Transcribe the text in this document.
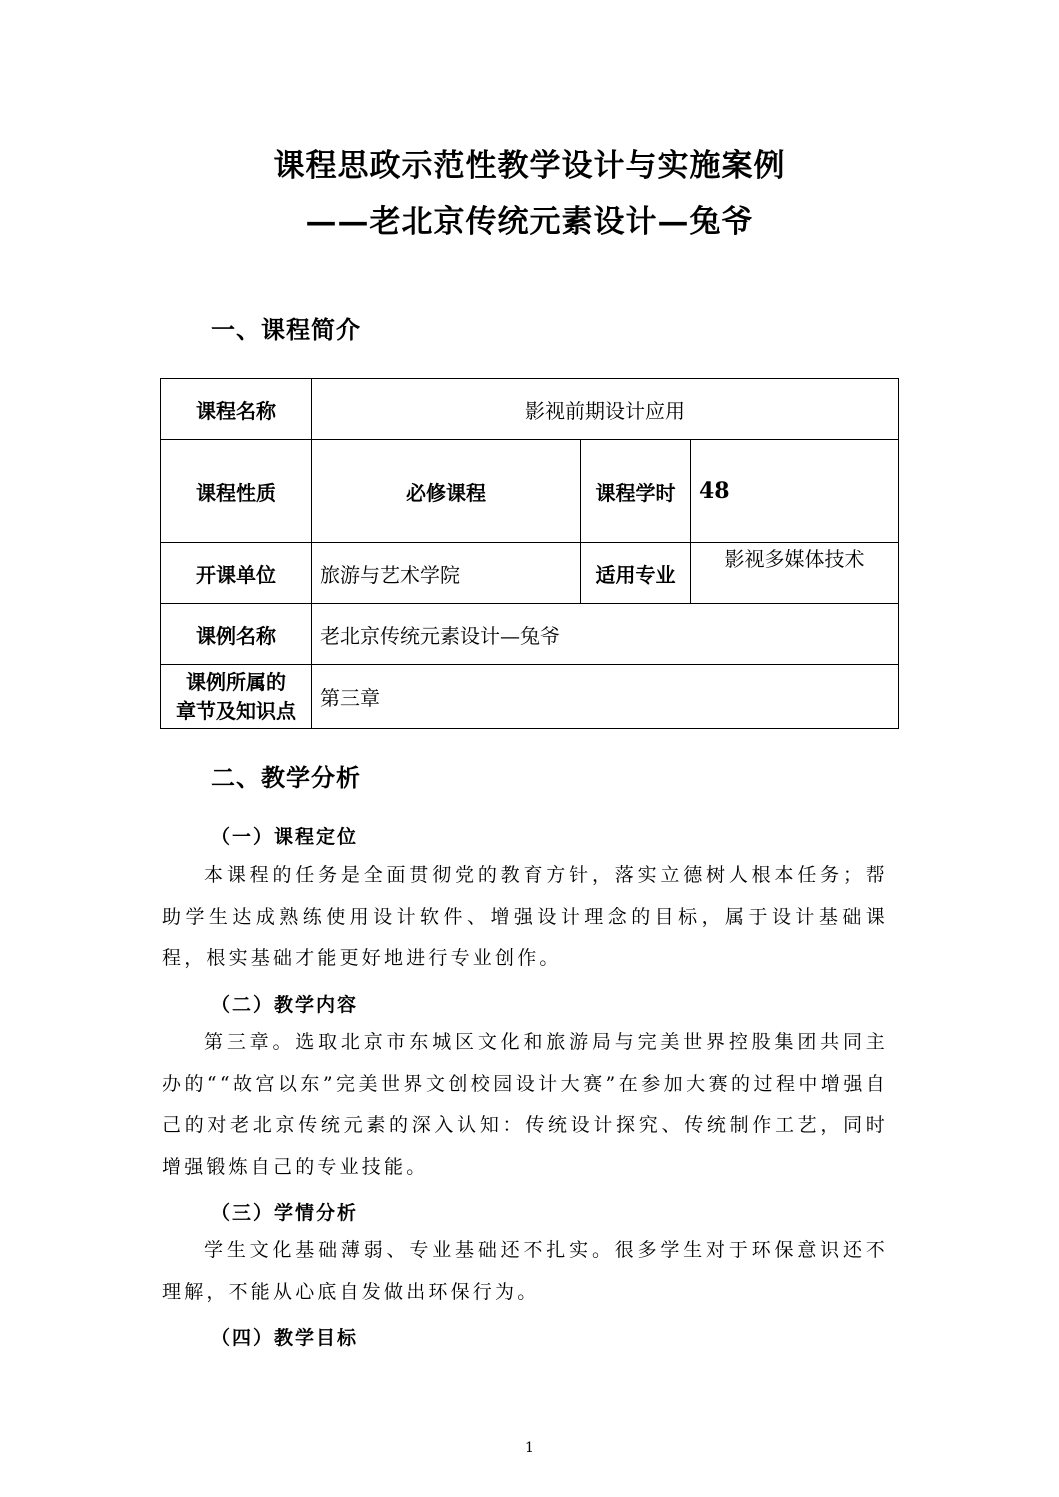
课程思政示范性教学设计与实施案例
——老北京传统元素设计—兔爷
一、课程简介
课程名称	影视前期设计应用		
课程性质	必修课程	课程学时	48
开课单位	旅游与艺术学院	适用专业	影视多媒体技术
课例名称	老北京传统元素设计—兔爷		
课例所属的
章节及知识点	第三章		
二、教学分析
（一）课程定位
本课程的任务是全面贯彻党的教育方针，落实立德树人根本任务；帮助学生达成熟练使用设计软件、增强设计理念的目标，属于设计基础课程，根实基础才能更好地进行专业创作。
（二）教学内容
第三章。选取北京市东城区文化和旅游局与完美世界控股集团共同主办的““故宫以东”完美世界文创校园设计大赛”在参加大赛的过程中增强自己的对老北京传统元素的深入认知：传统设计探究、传统制作工艺，同时增强锻炼自己的专业技能。
（三）学情分析
学生文化基础薄弱、专业基础还不扎实。很多学生对于环保意识还不理解，不能从心底自发做出环保行为。
（四）教学目标
1
